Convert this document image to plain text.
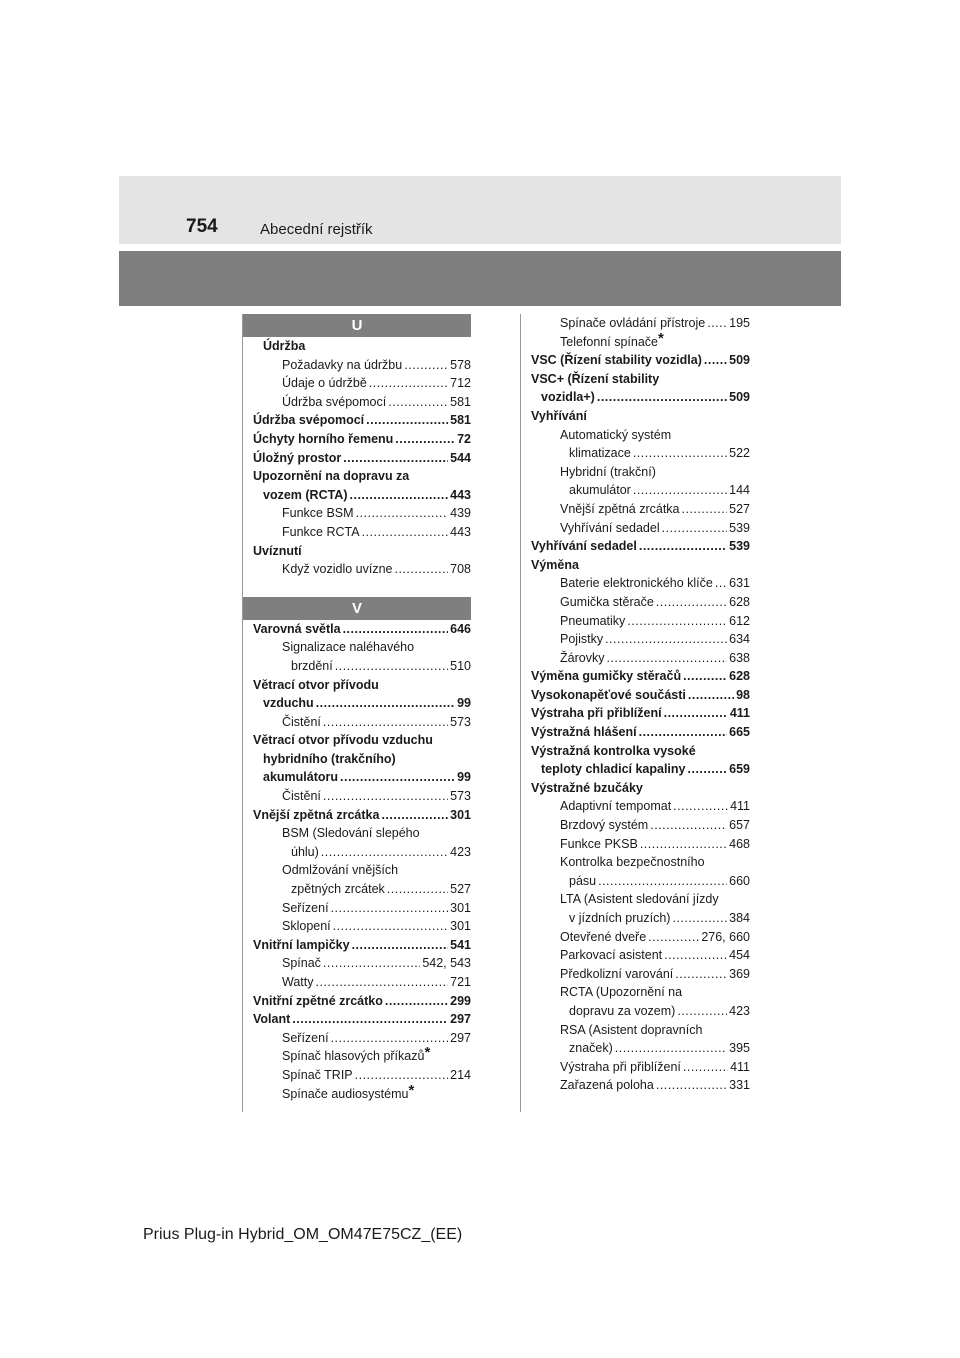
754	Abecední rejstřík
U
Údržba
Požadavky na údržbu .....	578
Údaje o údržbě .....	712
Údržba svépomocí .....	581
Údržba svépomocí .....	581
Úchyty horního řemenu .....	72
Úložný prostor .....	544
Upozornění na dopravu za
vozem (RCTA) .....	443
Funkce BSM .....	439
Funkce RCTA .....	443
Uvíznutí
Když vozidlo uvízne .....	708
V
Varovná světla .....	646
Signalizace naléhavého
brzdění .....	510
Větrací otvor přívodu
vzduchu .....	99
Čistění .....	573
Větrací otvor přívodu vzduchu
hybridního (trakčního)
akumulátoru .....	99
Čistění .....	573
Vnější zpětná zrcátka .....	301
BSM (Sledování slepého
úhlu) .....	423
Odmlžování vnějších
zpětných zrcátek .....	527
Seřízení .....	301
Sklopení .....	301
Vnitřní lampičky .....	541
Spínač .....	542, 543
Watty .....	721
Vnitřní zpětné zrcátko .....	299
Volant .....	297
Seřízení .....	297
Spínač hlasových příkazů*
Spínač TRIP .....	214
Spínače audiosystému*
Spínače ovládání přístroje ..... 195
Telefonní spínače*
VSC (Řízení stability vozidla) ..... 509
VSC+ (Řízení stability
vozidla+) .....	509
Vyhřívání
Automatický systém
klimatizace .....	522
Hybridní (trakční)
akumulátor .....	144
Vnější zpětná zrcátka .....	527
Vyhřívání sedadel .....	539
Vyhřívání sedadel .....	539
Výměna
Baterie elektronického klíče ..... 631
Gumička stěrače .....	628
Pneumatiky .....	612
Pojistky .....	634
Žárovky .....	638
Výměna gumičky stěračů .....	628
Vysokonapěťové součásti .....	98
Výstraha při přiblížení .....	411
Výstražná hlášení .....	665
Výstražná kontrolka vysoké
teploty chladicí kapaliny .....	659
Výstražné bzučáky
Adaptivní tempomat .....	411
Brzdový systém .....	657
Funkce PKSB .....	468
Kontrolka bezpečnostního
pásu .....	660
LTA (Asistent sledování jízdy
v jízdních pruzích) .....	384
Otevřené dveře .....	276, 660
Parkovací asistent .....	454
Předkolizní varování .....	369
RCTA (Upozornění na
dopravu za vozem) .....	423
RSA (Asistent dopravních
značek) .....	395
Výstraha při přiblížení .....	411
Zařazená poloha .....	331
Prius Plug-in Hybrid_OM_OM47E75CZ_(EE)
